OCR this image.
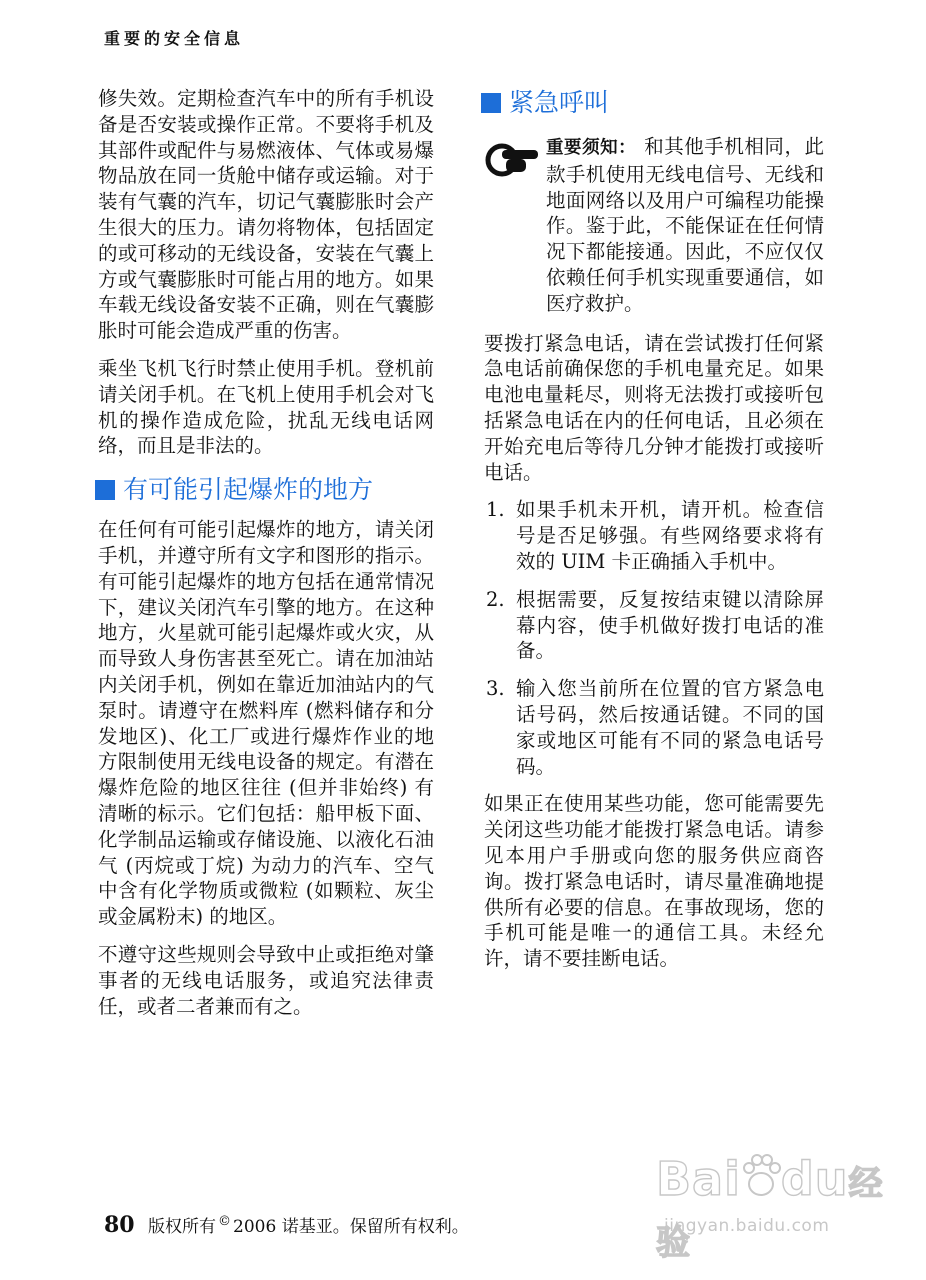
重要的安全信息

修失效。定期检查汽车中的所有手机设备是否安装或操作正常。不要将手机及其部件或配件与易燃液体、气体或易爆物品放在同一货舱中储存或运输。对于装有气囊的汽车，切记气囊膨胀时会产生很大的压力。请勿将物体，包括固定的或可移动的无线设备，安装在气囊上方或气囊膨胀时可能占用的地方。如果车载无线设备安装不正确，则在气囊膨胀时可能会造成严重的伤害。

乘坐飞机飞行时禁止使用手机。登机前请关闭手机。在飞机上使用手机会对飞机的操作造成危险，扰乱无线电话网络，而且是非法的。

有可能引起爆炸的地方

在任何有可能引起爆炸的地方，请关闭手机，并遵守所有文字和图形的指示。有可能引起爆炸的地方包括在通常情况下，建议关闭汽车引擎的地方。在这种地方，火星就可能引起爆炸或火灾，从而导致人身伤害甚至死亡。请在加油站内关闭手机，例如在靠近加油站内的气泵时。请遵守在燃料库 (燃料储存和分发地区)、化工厂或进行爆炸作业的地方限制使用无线电设备的规定。有潜在爆炸危险的地区往往 (但并非始终) 有清晰的标示。它们包括：船甲板下面、化学制品运输或存储设施、以液化石油气 (丙烷或丁烷) 为动力的汽车、空气中含有化学物质或微粒 (如颗粒、灰尘或金属粉末) 的地区。

不遵守这些规则会导致中止或拒绝对肇事者的无线电话服务，或追究法律责任，或者二者兼而有之。

紧急呼叫
重要须知： 和其他手机相同，此款手机使用无线电信号、无线和地面网络以及用户可编程功能操作。鉴于此，不能保证在任何情况下都能接通。因此，不应仅仅依赖任何手机实现重要通信，如医疗救护。

要拨打紧急电话，请在尝试拨打任何紧急电话前确保您的手机电量充足。如果电池电量耗尽，则将无法拨打或接听包括紧急电话在内的任何电话，且必须在开始充电后等待几分钟才能拨打或接听电话。

1. 如果手机未开机，请开机。检查信号是否足够强。有些网络要求将有效的 UIM 卡正确插入手机中。
2. 根据需要，反复按结束键以清除屏幕内容，使手机做好拨打电话的准备。
3. 输入您当前所在位置的官方紧急电话号码，然后按通话键。不同的国家或地区可能有不同的紧急电话号码。

如果正在使用某些功能，您可能需要先关闭这些功能才能拨打紧急电话。请参见本用户手册或向您的服务供应商咨询。拨打紧急电话时，请尽量准确地提供所有必要的信息。在事故现场，您的手机可能是唯一的通信工具。未经允许，请不要挂断电话。

80 版权所有 © 2006 诺基亚。保留所有权利。
Bai du经验
jingyan.baidu.com
